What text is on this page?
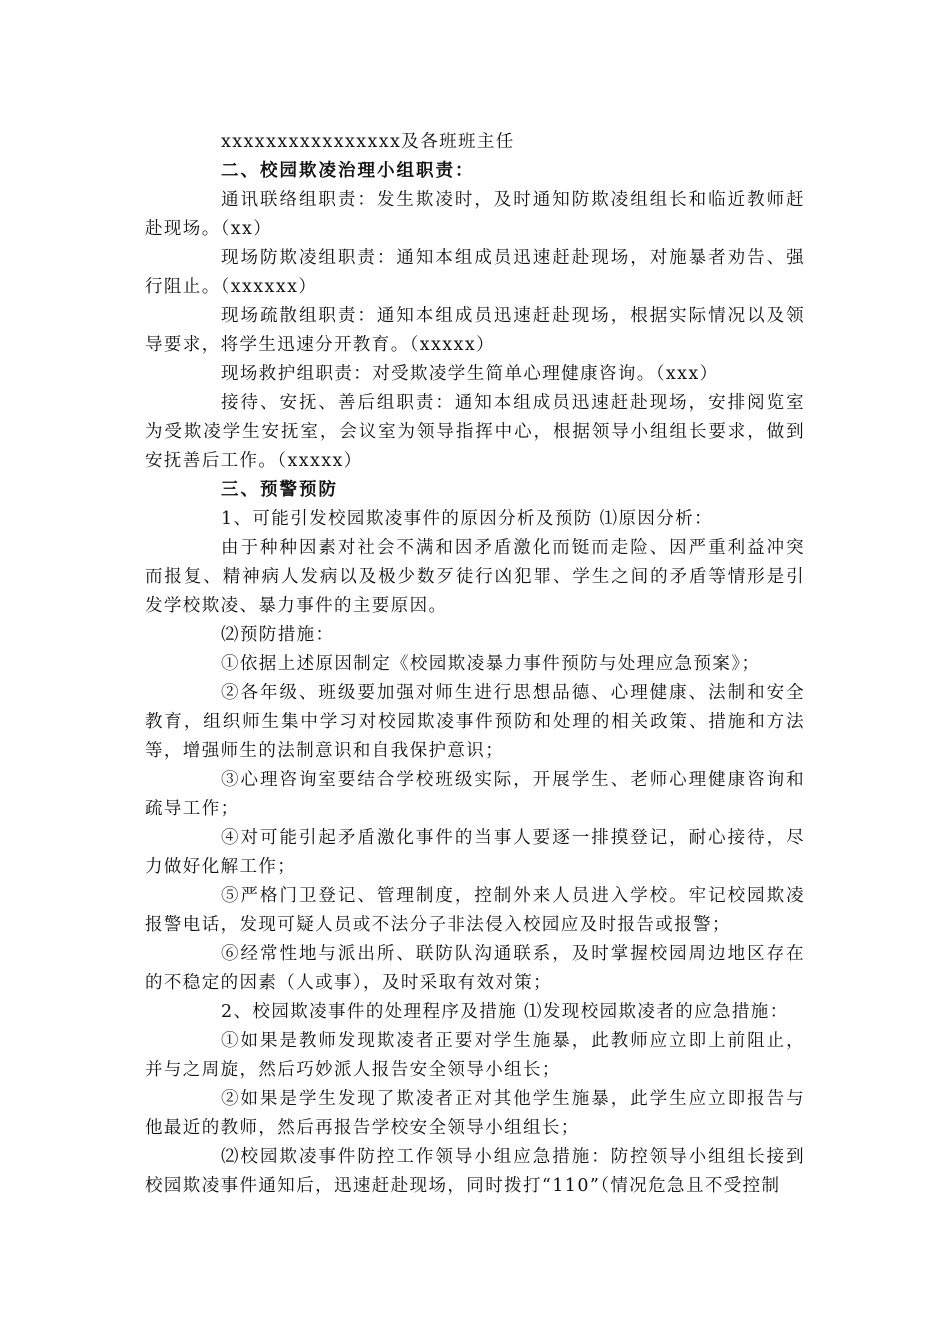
xxxxxxxxxxxxxxxx及各班班主任

二、校园欺凌治理小组职责：

通讯联络组职责：发生欺凌时，及时通知防欺凌组组长和临近教师赶赴现场。（xx）

现场防欺凌组职责：通知本组成员迅速赶赴现场，对施暴者劝告、强行阻止。（xxxxxx）

现场疏散组职责：通知本组成员迅速赶赴现场，根据实际情况以及领导要求，将学生迅速分开教育。（xxxxx）

现场救护组职责：对受欺凌学生简单心理健康咨询。（xxx）

接待、安抚、善后组职责：通知本组成员迅速赶赴现场，安排阅览室为受欺凌学生安抚室，会议室为领导指挥中心，根据领导小组组长要求，做到安抚善后工作。（xxxxx）

三、预警预防

1、可能引发校园欺凌事件的原因分析及预防 ⑴原因分析：

由于种种因素对社会不满和因矛盾激化而铤而走险、因严重利益冲突而报复、精神病人发病以及极少数歹徒行凶犯罪、学生之间的矛盾等情形是引发学校欺凌、暴力事件的主要原因。

⑵预防措施：

①依据上述原因制定《校园欺凌暴力事件预防与处理应急预案》；

②各年级、班级要加强对师生进行思想品德、心理健康、法制和安全教育，组织师生集中学习对校园欺凌事件预防和处理的相关政策、措施和方法等，增强师生的法制意识和自我保护意识；

③心理咨询室要结合学校班级实际，开展学生、老师心理健康咨询和疏导工作；

④对可能引起矛盾激化事件的当事人要逐一排摸登记，耐心接待，尽力做好化解工作；

⑤严格门卫登记、管理制度，控制外来人员进入学校。牢记校园欺凌报警电话，发现可疑人员或不法分子非法侵入校园应及时报告或报警；

⑥经常性地与派出所、联防队沟通联系，及时掌握校园周边地区存在的不稳定的因素（人或事），及时采取有效对策；

2、校园欺凌事件的处理程序及措施 ⑴发现校园欺凌者的应急措施：

①如果是教师发现欺凌者正要对学生施暴，此教师应立即上前阻止，并与之周旋，然后巧妙派人报告安全领导小组长；

②如果是学生发现了欺凌者正对其他学生施暴，此学生应立即报告与他最近的教师，然后再报告学校安全领导小组组长；

⑵校园欺凌事件防控工作领导小组应急措施：防控领导小组组长接到校园欺凌事件通知后，迅速赶赴现场，同时拨打“110”（情况危急且不受控制
